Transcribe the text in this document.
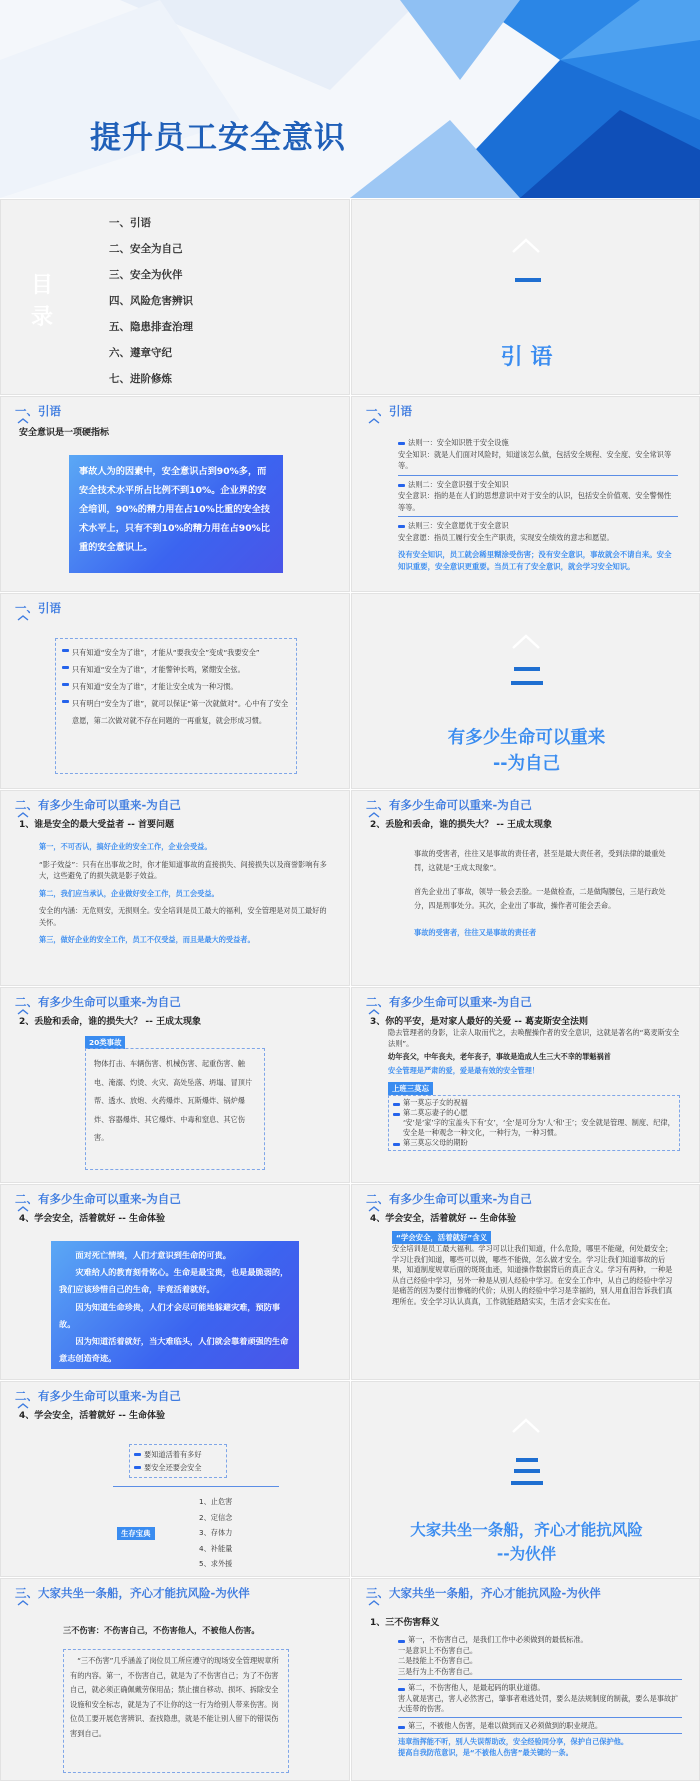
提升员工安全意识
目
录
一、引语
二、安全为自己
三、安全为伙伴
四、风险危害辨识
五、隐患排查治理
六、遵章守纪
七、进阶修炼
引 语
一、引语
安全意识是一项硬指标
事故人为的因素中，安全意识占到90%多，而安全技术水平所占比例不到10%。企业界的安全培训，90%的精力用在占10%比重的安全技术水平上，只有不到10%的精力用在占90%比重的安全意识上。
一、引语
法则一：安全知识胜于安全设施
安全知识：就是人们面对风险时，知道该怎么做，包括安全规程、安全度、安全常识等等。
法则二：安全意识强于安全知识
安全意识：指的是在人们的思想意识中对于安全的认识，包括安全价值观、安全警惕性等等。
法则三：安全意愿优于安全意识
安全意愿：指员工履行安全生产职责，实现安全绩效的意志和愿望。
没有安全知识，员工就会稀里糊涂受伤害；没有安全意识，事故就会不请自来。安全知识重要，安全意识更重要。当员工有了安全意识，就会学习安全知识。
一、引语
只有知道“安全为了谁”，才能从“要我安全”变成“我要安全”
只有知道“安全为了谁”，才能警钟长鸣，紧绷安全弦。
只有知道“安全为了谁”，才能让安全成为一种习惯。
只有明白“安全为了谁”，就可以保证“第一次就做对”。心中有了安全意愿，第二次做对就不存在问题的一再重复，就会形成习惯。
有多少生命可以重来
--为自己
二、有多少生命可以重来-为自己
1、谁是安全的最大受益者 -- 首要问题
第一，不可否认，搞好企业的安全工作，企业会受益。
“影子效益”：只有在出事故之时，你才能知道事故的直接损失、间接损失以及商誉影响有多大，这些避免了的损失就是影子效益。
第二，我们应当承认，企业做好安全工作，员工会受益。
安全的内涵：无危则安，无损则全。安全培训是员工最大的福利，安全管理是对员工最好的关怀。
第三，做好企业的安全工作，员工不仅受益，而且是最大的受益者。
二、有多少生命可以重来-为自己
2、丢脸和丢命，谁的损失大？ -- 王成太现象
事故的受害者，往往又是事故的责任者，甚至是最大责任者，受到法律的最重处罚，这就是“王成太现象”。
首先企业出了事故，领导一般会丢脸。一是做检查，二是做陶腰包，三是行政处分，四是刑事处分。其次，企业出了事故，操作者可能会丢命。
事故的受害者，往往又是事故的责任者
二、有多少生命可以重来-为自己
2、丢脸和丢命，谁的损失大？ -- 王成太现象
20类事故
物体打击、车辆伤害、机械伤害、起重伤害、触电、淹溺、灼烫、火灾、高处坠落、坍塌、冒顶片帮、透水、放炮、火药爆炸、瓦斯爆炸、锅炉爆炸、容器爆炸、其它爆炸、中毒和窒息、其它伤害。
二、有多少生命可以重来-为自己
3、你的平安，是对家人最好的关爱 -- 葛麦斯安全法则
隐去管理者的身影，让亲人取而代之，去唤醒操作者的安全意识，这就是著名的“葛麦斯安全法则”。
幼年丧父，中年丧夫，老年丧子，事故是造成人生三大不幸的罪魁祸首
安全管理是严肃的爱，爱是最有效的安全管理！
上班三莫忘
第一莫忘子女的祝福
第二莫忘妻子的心愿
‘安’是‘家’字的宝盖头下有‘女’，‘全’是可分为‘人’和‘王’；安全就是管理、制度、纪律，安全是一种观念一种文化，一种行为，一种习惯。
第三莫忘父母的期盼
二、有多少生命可以重来-为自己
4、学会安全，活着就好 -- 生命体验
面对死亡情境，人们才意识到生命的可贵。
灾难给人的教育刻骨铭心。生命是最宝贵，也是最脆弱的，我们应该珍惜自己的生命，毕竟活着就好。
因为知道生命珍贵，人们才会尽可能地躲避灾难，预防事故。
因为知道活着就好，当大难临头，人们就会靠着顽强的生命意志创造奇迹。
二、有多少生命可以重来-为自己
4、学会安全，活着就好 -- 生命体验
“学会安全，活着就好”含义
安全培训是员工最大福利。学习可以让我们知道，什么危险，哪里不能碰，何处最安全；学习让我们知道，哪些可以做，哪些不能做，怎么做才安全。学习让我们知道事故的后果，知道制度规章后面的斑斑血迹，知道操作数据背后的真正含义。学习有两种，一种是从自己经验中学习，另外一种是从别人经验中学习。在安全工作中，从自己的经验中学习是痛苦的因为要付出惨痛的代价；从别人的经验中学习是幸福的，别人用血泪告诉我们真理所在。安全学习认认真真，工作就能踏踏实实，生活才会实实在在。
二、有多少生命可以重来-为自己
4、学会安全，活着就好 -- 生命体验
要知道活着有多好
要安全还要会安全
生存宝典
1、止危害
2、定信念
3、存体力
4、补能量
5、求外援
大家共坐一条船，齐心才能抗风险
--为伙伴
三、大家共坐一条船，齐心才能抗风险-为伙伴
三不伤害：不伤害自己，不伤害他人，不被他人伤害。
“三不伤害”几乎涵盖了岗位员工所应遵守的现场安全管理规章所有的内容。第一，不伤害自己，就是为了不伤害自己；为了不伤害自己，就必须正确佩戴劳保用品；禁止擅自移动、损坏、拆除安全设施和安全标志，就是为了不让你的这一行为给别人带来伤害。岗位员工要开展危害辨识、查找隐患，就是不能让别人留下的错误伤害到自己。
三、大家共坐一条船，齐心才能抗风险-为伙伴
1、三不伤害释义
第一，不伤害自己，是我们工作中必须做到的最低标准。
一是意识上不伤害自己。
二是技能上不伤害自己。
三是行为上不伤害自己。
第二，不伤害他人，是最起码的职业道德。
害人就是害己，害人必然害己，肇事者难逃处罚，要么是法规制度的制裁，要么是事故扩大连带的伤害。
第三，不被他人伤害，是难以做到而又必须做到的职业规范。
违章指挥能不听，别人失误帮助改，安全经验同分享，保护自己保护他。
提高自我防范意识，是“不被他人伤害”最关键的一条。
